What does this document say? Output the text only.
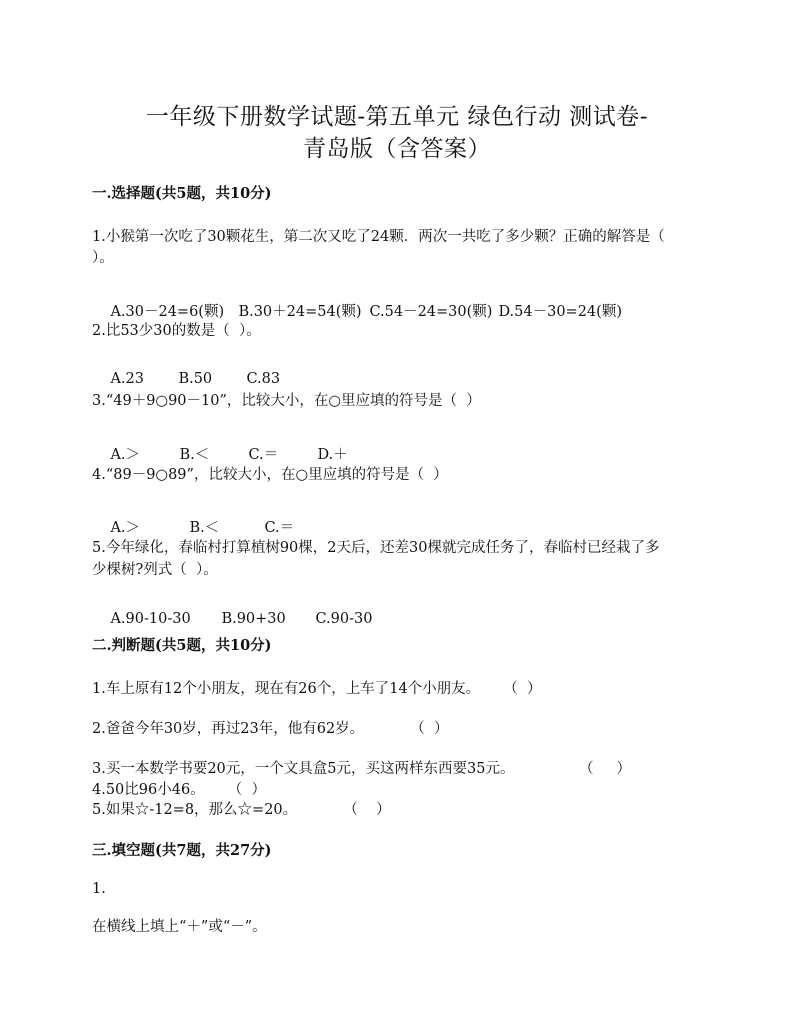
一年级下册数学试题-第五单元 绿色行动 测试卷-
青岛版（含答案）
一.选择题(共5题，共10分)
1.小猴第一次吃了30颗花生，第二次又吃了24颗．两次一共吃了多少颗？正确的解答是（
）。

A.30－24=6(颗) B.30＋24=54(颗) C.54－24=30(颗) D.54－30=24(颗)

2.比53少30的数是（  ）。

A.23 B.50 C.83

3.“49＋9○90－10”，比较大小，在○里应填的符号是（  ）

A.＞	B.＜	C.＝	D.＋

4.“89－9○89”，比较大小，在○里应填的符号是（  ）

A.＞	B.＜	C.＝

5.今年绿化，春临村打算植树90棵，2天后，还差30棵就完成任务了，春临村已经栽了多
少棵树?列式（  ）。

A.90-10-30 B.90+30 C.90-30

二.判断题(共5题，共10分)
1.车上原有12个小朋友，现在有26个，上车了14个小朋友。     （  ）
2.爸爸今年30岁，再过23年，他有62岁。          （  ）
3.买一本数学书要20元，一个文具盒5元，买这两样东西要35元。              （     ）
4.50比96小46。     （  ）
5.如果☆-12=8，那么☆=20。          （    ）
三.填空题(共7题，共27分)
1.
在横线上填上“＋”或“－”。
